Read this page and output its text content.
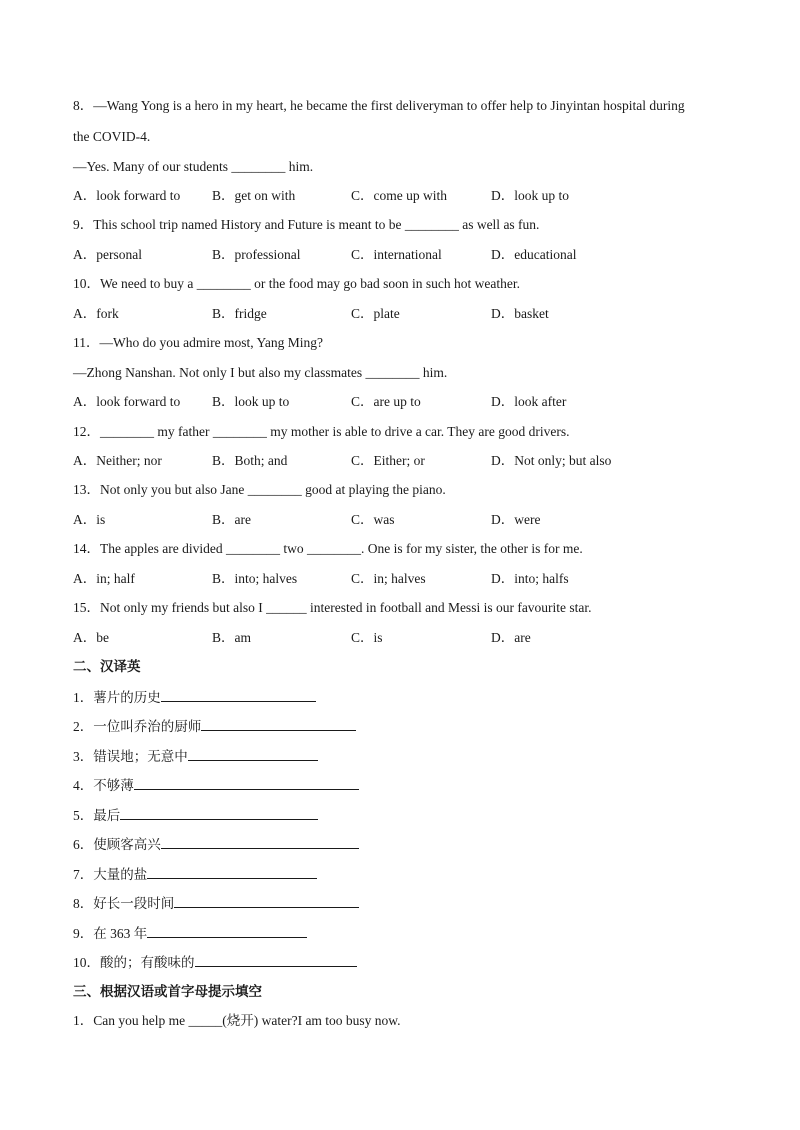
8．—Wang Yong is a hero in my heart, he became the first deliveryman to offer help to Jinyintan hospital during
the COVID-4.
—Yes. Many of our students ________ him.
A．look forward to B．get on with	C．come up with	D．look up to
9．This school trip named History and Future is meant to be ________ as well as fun.
A．personal	B．professional	C．international	D．educational
10．We need to buy a ________ or the food may go bad soon in such hot weather.
A．fork	B．fridge	C．plate	D．basket
11．—Who do you admire most, Yang Ming?
—Zhong Nanshan. Not only I but also my classmates ________ him.
A．look forward to B．look up to	C．are up to	D．look after
12．________ my father ________ my mother is able to drive a car. They are good drivers.
A．Neither; nor	B．Both; and	C．Either; or	D．Not only; but also
13．Not only you but also Jane ________ good at playing the piano.
A．is	B．are	C．was	D．were
14．The apples are divided ________ two ________. One is for my sister, the other is for me.
A．in; half	B．into; halves	C．in; halves	D．into; halfs
15．Not only my friends but also I ______ interested in football and Messi is our favourite star.
A．be	B．am	C．is	D．are
二、汉译英
1．薯片的历史
2．一位叫乔治的厨师
3．错误地；无意中
4．不够薄
5．最后
6．使顾客高兴
7．大量的盐
8．好长一段时间
9．在 363 年
10．酸的；有酸味的
三、根据汉语或首字母提示填空
1．Can you help me _____(烧开) water?I am too busy now.
